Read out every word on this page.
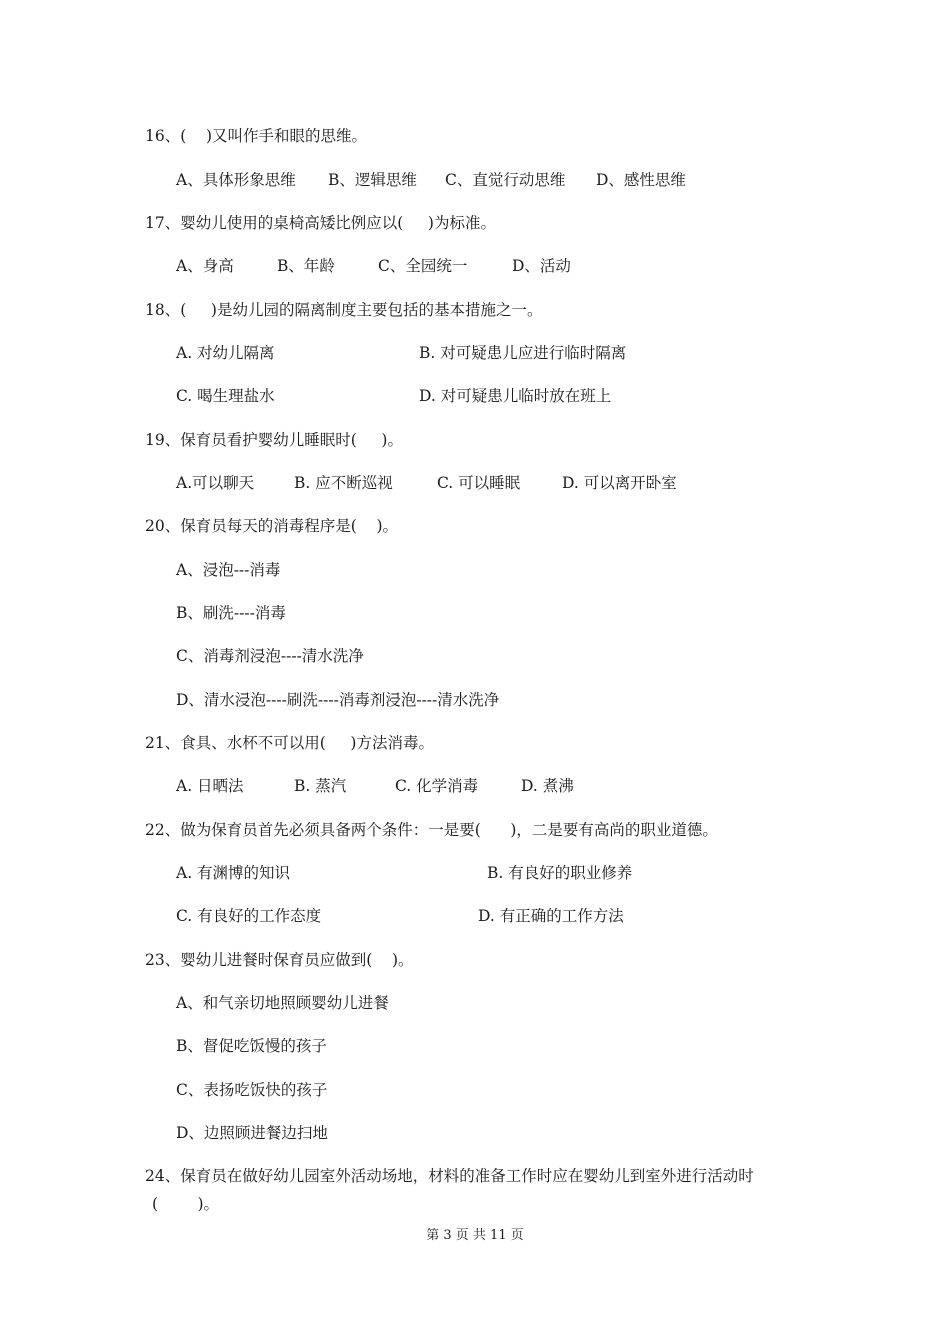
16、(    )又叫作手和眼的思维。
A、具体形象思维 B、逻辑思维 C、直觉行动思维 D、感性思维
17、婴幼儿使用的桌椅高矮比例应以(     )为标准。
A、身高	B、年龄	C、全园统一	D、活动
18、(     )是幼儿园的隔离制度主要包括的基本措施之一。
A. 对幼儿隔离	B. 对可疑患儿应进行临时隔离
C. 喝生理盐水	D. 对可疑患儿临时放在班上
19、保育员看护婴幼儿睡眠时(     )。
A.可以聊天	B. 应不断巡视	C. 可以睡眠	D. 可以离开卧室
20、保育员每天的消毒程序是(    )。
A、浸泡---消毒
B、刷洗----消毒
C、消毒剂浸泡----清水洗净
D、清水浸泡----刷洗----消毒剂浸泡----清水洗净
21、食具、水杯不可以用(     )方法消毒。
A. 日晒法	B. 蒸汽	C. 化学消毒	D. 煮沸
22、做为保育员首先必须具备两个条件：一是要(      )，二是要有高尚的职业道德。
A. 有渊博的知识	B. 有良好的职业修养
C. 有良好的工作态度	D. 有正确的工作方法
23、婴幼儿进餐时保育员应做到(    )。
A、和气亲切地照顾婴幼儿进餐
B、督促吃饭慢的孩子
C、表扬吃饭快的孩子
D、边照顾进餐边扫地
24、保育员在做好幼儿园室外活动场地，材料的准备工作时应在婴幼儿到室外进行活动时
(        )。
第 3 页 共 11 页
